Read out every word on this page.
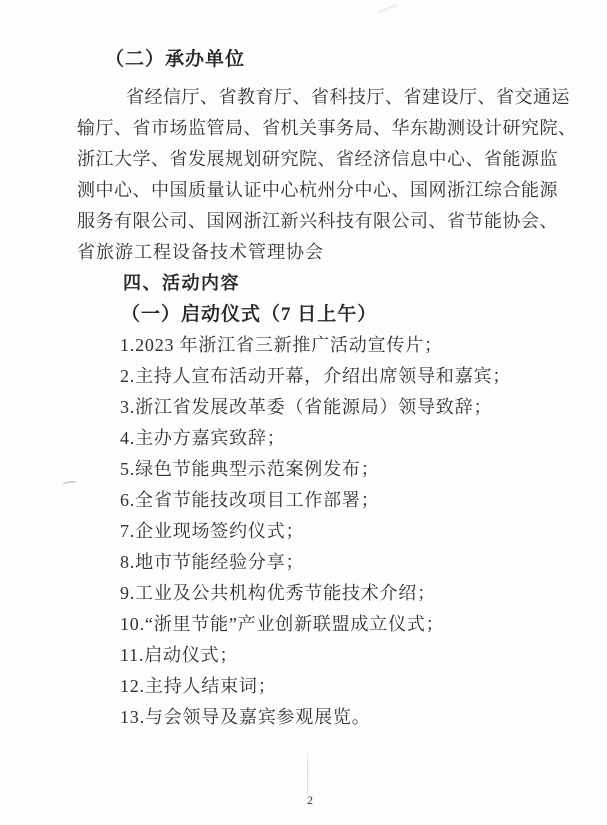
（二）承办单位
省经信厅、省教育厅、省科技厅、省建设厅、省交通运
输厅、省市场监管局、省机关事务局、华东勘测设计研究院、
浙江大学、省发展规划研究院、省经济信息中心、省能源监
测中心、中国质量认证中心杭州分中心、国网浙江综合能源
服务有限公司、国网浙江新兴科技有限公司、省节能协会、
省旅游工程设备技术管理协会
四、活动内容
（一）启动仪式（7 日上午）
1.2023 年浙江省三新推广活动宣传片；
2.主持人宣布活动开幕，介绍出席领导和嘉宾；
3.浙江省发展改革委（省能源局）领导致辞；
4.主办方嘉宾致辞；
5.绿色节能典型示范案例发布；
6.全省节能技改项目工作部署；
7.企业现场签约仪式；
8.地市节能经验分享；
9.工业及公共机构优秀节能技术介绍；
10.“浙里节能”产业创新联盟成立仪式；
11.启动仪式；
12.主持人结束词；
13.与会领导及嘉宾参观展览。
2
